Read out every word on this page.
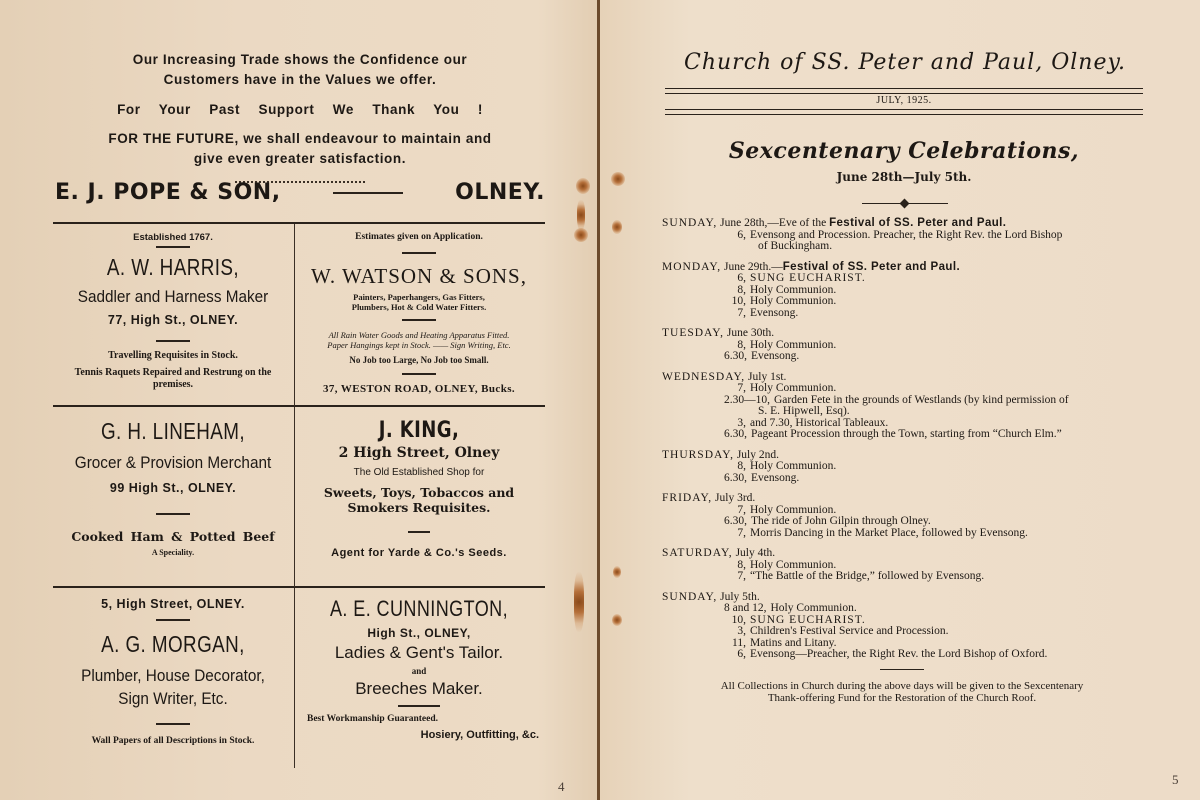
Our Increasing Trade shows the Confidence our

Customers have in the Values we offer.

For Your Past Support We Thank You !

FOR THE FUTURE, we shall endeavour to maintain and

give even greater satisfaction.

E. J. POPE & SON,	OLNEY.
Established 1767.
A. W. HARRIS,
Saddler and Harness Maker
77, High St., OLNEY.
Travelling Requisites in Stock.
Tennis Raquets Repaired and Restrung on the premises.
Estimates given on Application.
W. WATSON & SONS,
Painters, Paperhangers, Gas Fitters,
Plumbers, Hot & Cold Water Fitters.
All Rain Water Goods and Heating Apparatus Fitted.
Paper Hangings kept in Stock. —— Sign Writing, Etc.
No Job too Large, No Job too Small.
37, WESTON ROAD, OLNEY, Bucks.
G. H. LINEHAM,
Grocer & Provision Merchant
99 High St., OLNEY.
Cooked Ham & Potted Beef
A Speciality.
J. KING,
2 High Street, Olney
The Old Established Shop for
Sweets, Toys, Tobaccos and
Smokers Requisites.
Agent for Yarde & Co.'s Seeds.
5, High Street, OLNEY.
A. G. MORGAN,
Plumber, House Decorator,
Sign Writer, Etc.
Wall Papers of all Descriptions in Stock.
A. E. CUNNINGTON,
High St., OLNEY,
Ladies & Gent's Tailor.
and
Breeches Maker.
Best Workmanship Guaranteed.
Hosiery, Outfitting, &c.
4
Church of SS. Peter and Paul, Olney.
JULY, 1925.
Sexcentenary Celebrations,
June 28th—July 5th.
SUNDAY, June 28th,—Eve of the Festival of SS. Peter and Paul.
6, Evensong and Procession. Preacher, the Right Rev. the Lord Bishop
of Buckingham.
MONDAY, June 29th.—Festival of SS. Peter and Paul.
6, SUNG EUCHARIST.
8, Holy Communion.
10, Holy Communion.
7, Evensong.
TUESDAY, June 30th.
8, Holy Communion.
6.30, Evensong.
WEDNESDAY, July 1st.
7, Holy Communion.
2.30—10, Garden Fete in the grounds of Westlands (by kind permission of
S. E. Hipwell, Esq).
3, and 7.30, Historical Tableaux.
6.30, Pageant Procession through the Town, starting from “Church Elm.”
THURSDAY, July 2nd.
8, Holy Communion.
6.30, Evensong.
FRIDAY, July 3rd.
7, Holy Communion.
6.30, The ride of John Gilpin through Olney.
7, Morris Dancing in the Market Place, followed by Evensong.
SATURDAY, July 4th.
8, Holy Communion.
7, “The Battle of the Bridge,” followed by Evensong.
SUNDAY, July 5th.
8 and 12, Holy Communion.
10, SUNG EUCHARIST.
3, Children's Festival Service and Procession.
11, Matins and Litany.
6, Evensong—Preacher, the Right Rev. the Lord Bishop of Oxford.
All Collections in Church during the above days will be given to the Sexcentenary
Thank-offering Fund for the Restoration of the Church Roof.
5
